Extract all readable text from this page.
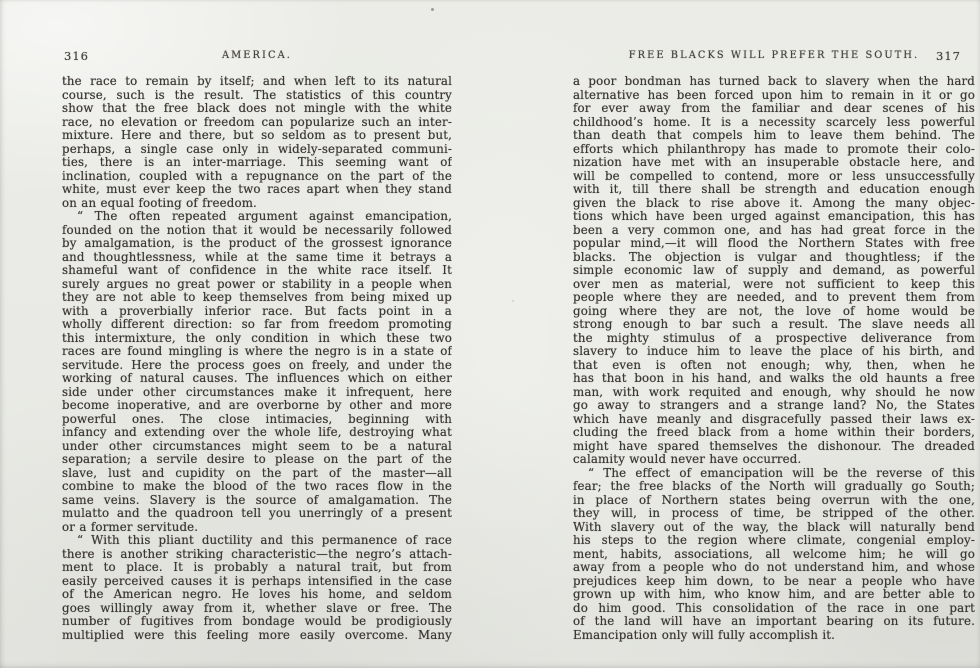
316	AMERICA.
the race to remain by itself; and when left to its natural
course, such is the result. The statistics of this country
show that the free black does not mingle with the white
race, no elevation or freedom can popularize such an inter-
mixture. Here and there, but so seldom as to present but,
perhaps, a single case only in widely-separated communi-
ties, there is an inter-marriage. This seeming want of
inclination, coupled with a repugnance on the part of the
white, must ever keep the two races apart when they stand
on an equal footing of freedom.
“ The often repeated argument against emancipation,
founded on the notion that it would be necessarily followed
by amalgamation, is the product of the grossest ignorance
and thoughtlessness, while at the same time it betrays a
shameful want of confidence in the white race itself. It
surely argues no great power or stability in a people when
they are not able to keep themselves from being mixed up
with a proverbially inferior race. But facts point in a
wholly different direction: so far from freedom promoting
this intermixture, the only condition in which these two
races are found mingling is where the negro is in a state of
servitude. Here the process goes on freely, and under the
working of natural causes. The influences which on either
side under other circumstances make it infrequent, here
become inoperative, and are overborne by other and more
powerful ones. The close intimacies, beginning with
infancy and extending over the whole life, destroying what
under other circumstances might seem to be a natural
separation; a servile desire to please on the part of the
slave, lust and cupidity on the part of the master—all
combine to make the blood of the two races flow in the
same veins. Slavery is the source of amalgamation. The
mulatto and the quadroon tell you unerringly of a present
or a former servitude.
“ With this pliant ductility and this permanence of race
there is another striking characteristic—the negro’s attach-
ment to place. It is probably a natural trait, but from
easily perceived causes it is perhaps intensified in the case
of the American negro. He loves his home, and seldom
goes willingly away from it, whether slave or free. The
number of fugitives from bondage would be prodigiously
multiplied were this feeling more easily overcome. Many
FREE BLACKS WILL PREFER THE SOUTH.	317
a poor bondman has turned back to slavery when the hard
alternative has been forced upon him to remain in it or go
for ever away from the familiar and dear scenes of his
childhood’s home. It is a necessity scarcely less powerful
than death that compels him to leave them behind. The
efforts which philanthropy has made to promote their colo-
nization have met with an insuperable obstacle here, and
will be compelled to contend, more or less unsuccessfully
with it, till there shall be strength and education enough
given the black to rise above it. Among the many objec-
tions which have been urged against emancipation, this has
been a very common one, and has had great force in the
popular mind,—it will flood the Northern States with free
blacks. The objection is vulgar and thoughtless; if the
simple economic law of supply and demand, as powerful
over men as material, were not sufficient to keep this
people where they are needed, and to prevent them from
going where they are not, the love of home would be
strong enough to bar such a result. The slave needs all
the mighty stimulus of a prospective deliverance from
slavery to induce him to leave the place of his birth, and
that even is often not enough; why, then, when he
has that boon in his hand, and walks the old haunts a free
man, with work requited and enough, why should he now
go away to strangers and a strange land? No, the States
which have meanly and disgracefully passed their laws ex-
cluding the freed black from a home within their borders,
might have spared themselves the dishonour. The dreaded
calamity would never have occurred.
“ The effect of emancipation will be the reverse of this
fear; the free blacks of the North will gradually go South;
in place of Northern states being overrun with the one,
they will, in process of time, be stripped of the other.
With slavery out of the way, the black will naturally bend
his steps to the region where climate, congenial employ-
ment, habits, associations, all welcome him; he will go
away from a people who do not understand him, and whose
prejudices keep him down, to be near a people who have
grown up with him, who know him, and are better able to
do him good. This consolidation of the race in one part
of the land will have an important bearing on its future.
Emancipation only will fully accomplish it.
